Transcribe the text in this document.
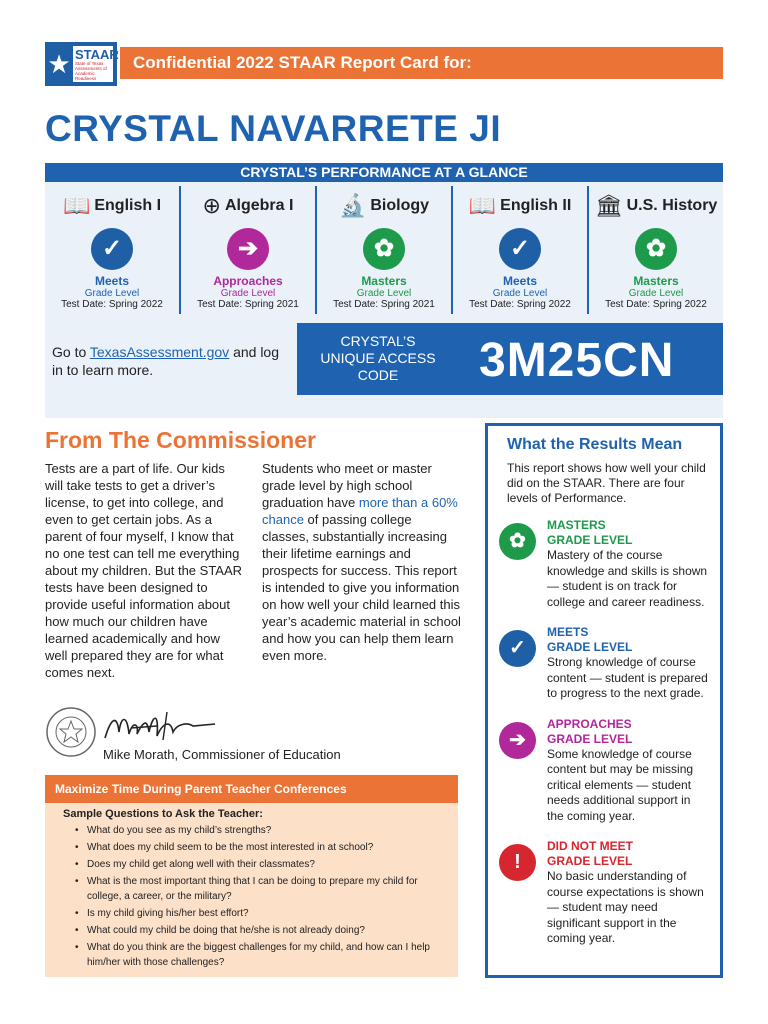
★ STAAR
State of Texas Assessments of Academic Readiness
Confidential 2022 STAAR Report Card for:
CRYSTAL NAVARRETE JI
CRYSTAL’S PERFORMANCE AT A GLANCE
📖 English I
✓
Meets
Grade Level
Test Date: Spring 2022
⊕ Algebra I
➔
Approaches
Grade Level
Test Date: Spring 2021
🔬 Biology
✿
Masters
Grade Level
Test Date: Spring 2021
📖 English II
✓
Meets
Grade Level
Test Date: Spring 2022
🏛 U.S. History
✿
Masters
Grade Level
Test Date: Spring 2022
Go to TexasAssessment.gov and log in to learn more.
CRYSTAL’S UNIQUE ACCESS CODE	3M25CN
From The Commissioner
Tests are a part of life. Our kids will take tests to get a driver’s license, to get into college, and even to get certain jobs. As a parent of four myself, I know that no one test can tell me everything about my children. But the STAAR tests have been designed to provide useful information about how much our children have learned academically and how well prepared they are for what comes next.
Students who meet or master grade level by high school graduation have more than a 60% chance of passing college classes, substantially increasing their lifetime earnings and prospects for success. This report is intended to give you information on how well your child learned this year’s academic material in school and how you can help them learn even more.
Mike Morath, Commissioner of Education
Maximize Time During Parent Teacher Conferences
Sample Questions to Ask the Teacher:
• What do you see as my child’s strengths?
• What does my child seem to be the most interested in at school?
• Does my child get along well with their classmates?
• What is the most important thing that I can be doing to prepare my child for college, a career, or the military?
• Is my child giving his/her best effort?
• What could my child be doing that he/she is not already doing?
• What do you think are the biggest challenges for my child, and how can I help him/her with those challenges?
What the Results Mean
This report shows how well your child did on the STAAR. There are four levels of Performance.
✿
MASTERS
GRADE LEVEL
Mastery of the course knowledge and skills is shown — student is on track for college and career readiness.
✓
MEETS
GRADE LEVEL
Strong knowledge of course content — student is prepared to progress to the next grade.
➔
APPROACHES
GRADE LEVEL
Some knowledge of course content but may be missing critical elements — student needs additional support in the coming year.
!
DID NOT MEET
GRADE LEVEL
No basic understanding of course expectations is shown — student may need significant support in the coming year.
